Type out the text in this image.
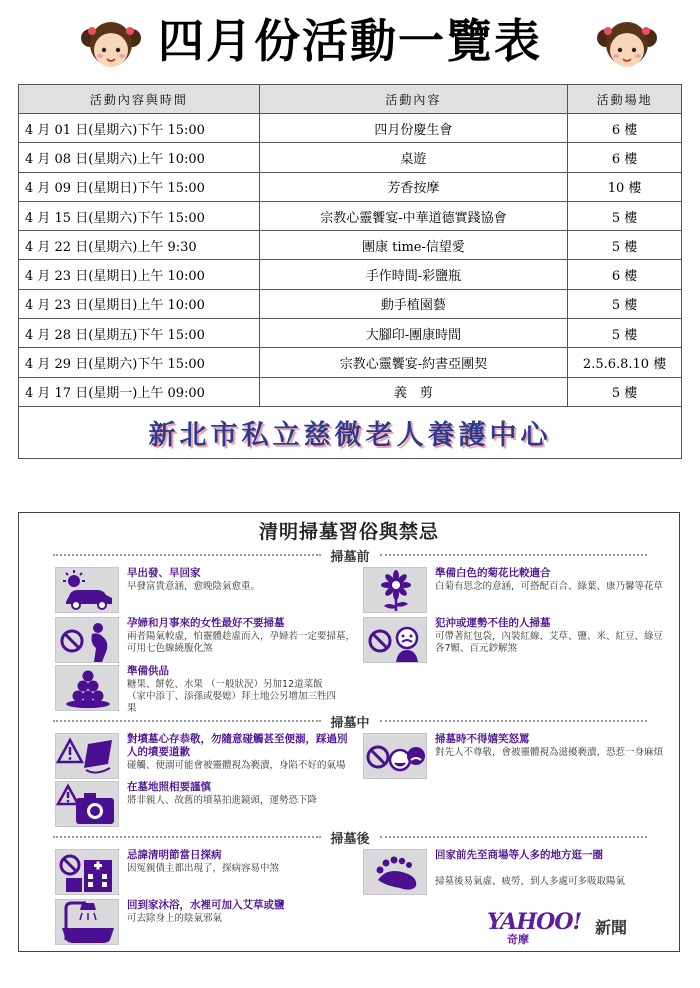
四月份活動一覽表
活動內容與時間	活動內容	活動場地
4 月 01 日(星期六)下午 15:00	四月份慶生會	6 樓
4 月 08 日(星期六)上午 10:00	桌遊	6 樓
4 月 09 日(星期日)下午 15:00	芳香按摩	10 樓
4 月 15 日(星期六)下午 15:00	宗教心靈饗宴-中華道德實踐協會	5 樓
4 月 22 日(星期六)上午 9:30	團康 time-信望愛	5 樓
4 月 23 日(星期日)上午 10:00	手作時間-彩鹽瓶	6 樓
4 月 23 日(星期日)上午 10:00	動手植園藝	5 樓
4 月 28 日(星期五)下午 15:00	大腳印-團康時間	5 樓
4 月 29 日(星期六)下午 15:00	宗教心靈饗宴-約書亞團契	2.5.6.8.10 樓
4 月 17 日(星期一)上午 09:00	義　剪	5 樓
新北市私立慈微老人養護中心		
清明掃墓習俗與禁忌
掃墓前
早出發、早回家
早發富貴意涵，愈晚陰氣愈重。
準備白色的菊花比較適合
白菊有思念的意涵，可搭配百合、綠葉、康乃馨等花草
孕婦和月事來的女性最好不要掃墓
兩者陽氣較虛，怕靈體趁虛而入，孕婦若一定要掃墓，可用七色線繞腹化煞
犯沖或運勢不佳的人掃墓
可帶著紅包袋，內裝紅線、艾草、鹽、米、紅豆、綠豆各7顆、百元鈔解煞
準備供品
糖果、餅乾、水果 （一般狀況）另加12道菜飯（家中添丁、添孫或娶媳）拜土地公另增加三牲四果
掃墓中
對墳墓心存恭敬，勿隨意碰觸甚至便溺，踩過別人的墳要道歉
碰觸、便溺可能會被靈體視為褻瀆，身陷不好的氣場
掃墓時不得嬉笑怒罵
對先人不尊敬，會被靈體視為滋擾褻瀆，恐惹一身麻煩
在墓地照相要謹慎
將非親人、故舊的墳墓拍進鏡頭，運勢恐下降
掃墓後
忌諱清明節當日探病
因冤親債主都出現了，探病容易中煞
回家前先至商場等人多的地方逛一圈
掃墓後易氣虛、疲勞，到人多處可多吸取陽氣
回到家沐浴，水裡可加入艾草或鹽
可去除身上的陰氣邪氣	YAHOO!
奇摩
新聞
